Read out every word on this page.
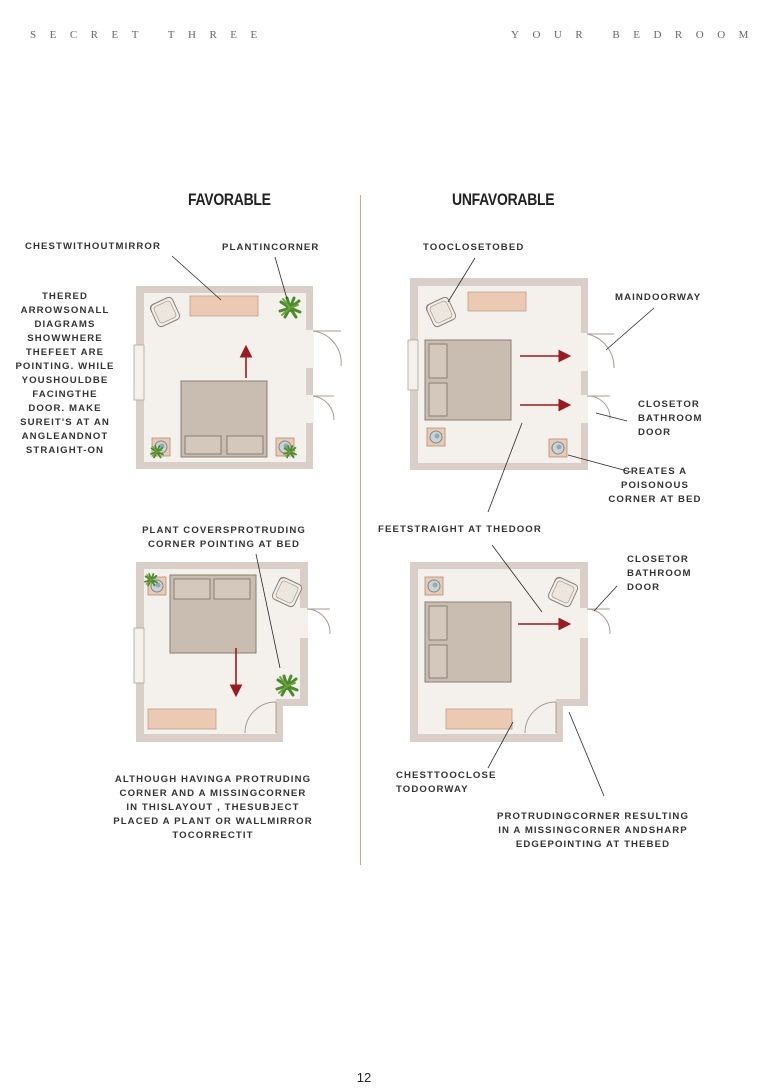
SECRET THREE	YOUR BEDROOM
FAVORABLE	UNFAVORABLE
CHESTWITHOUTMIRROR	PLANTINCORNER
THERED
ARROWSONALL
DIAGRAMS
SHOWWHERE
THEFEET ARE
POINTING. WHILE
YOUSHOULDBE
FACINGTHE
DOOR. MAKE
SUREIT'S AT AN
ANGLEANDNOT
STRAIGHT-ON
TOOCLOSETOBED
MAINDOORWAY
CLOSETOR
BATHROOM
DOOR
CREATES A
POISONOUS
CORNER AT BED
PLANT COVERSPROTRUDING
CORNER POINTING AT BED
FEETSTRAIGHT AT THEDOOR
CLOSETOR
BATHROOM
DOOR
ALTHOUGH HAVINGA PROTRUDING
CORNER AND A MISSINGCORNER
IN THISLAYOUT , THESUBJECT
PLACED A PLANT OR WALLMIRROR
TOCORRECTIT
CHESTTOOCLOSE
TODOORWAY
PROTRUDINGCORNER RESULTING
IN A MISSINGCORNER ANDSHARP
EDGEPOINTING AT THEBED
12
